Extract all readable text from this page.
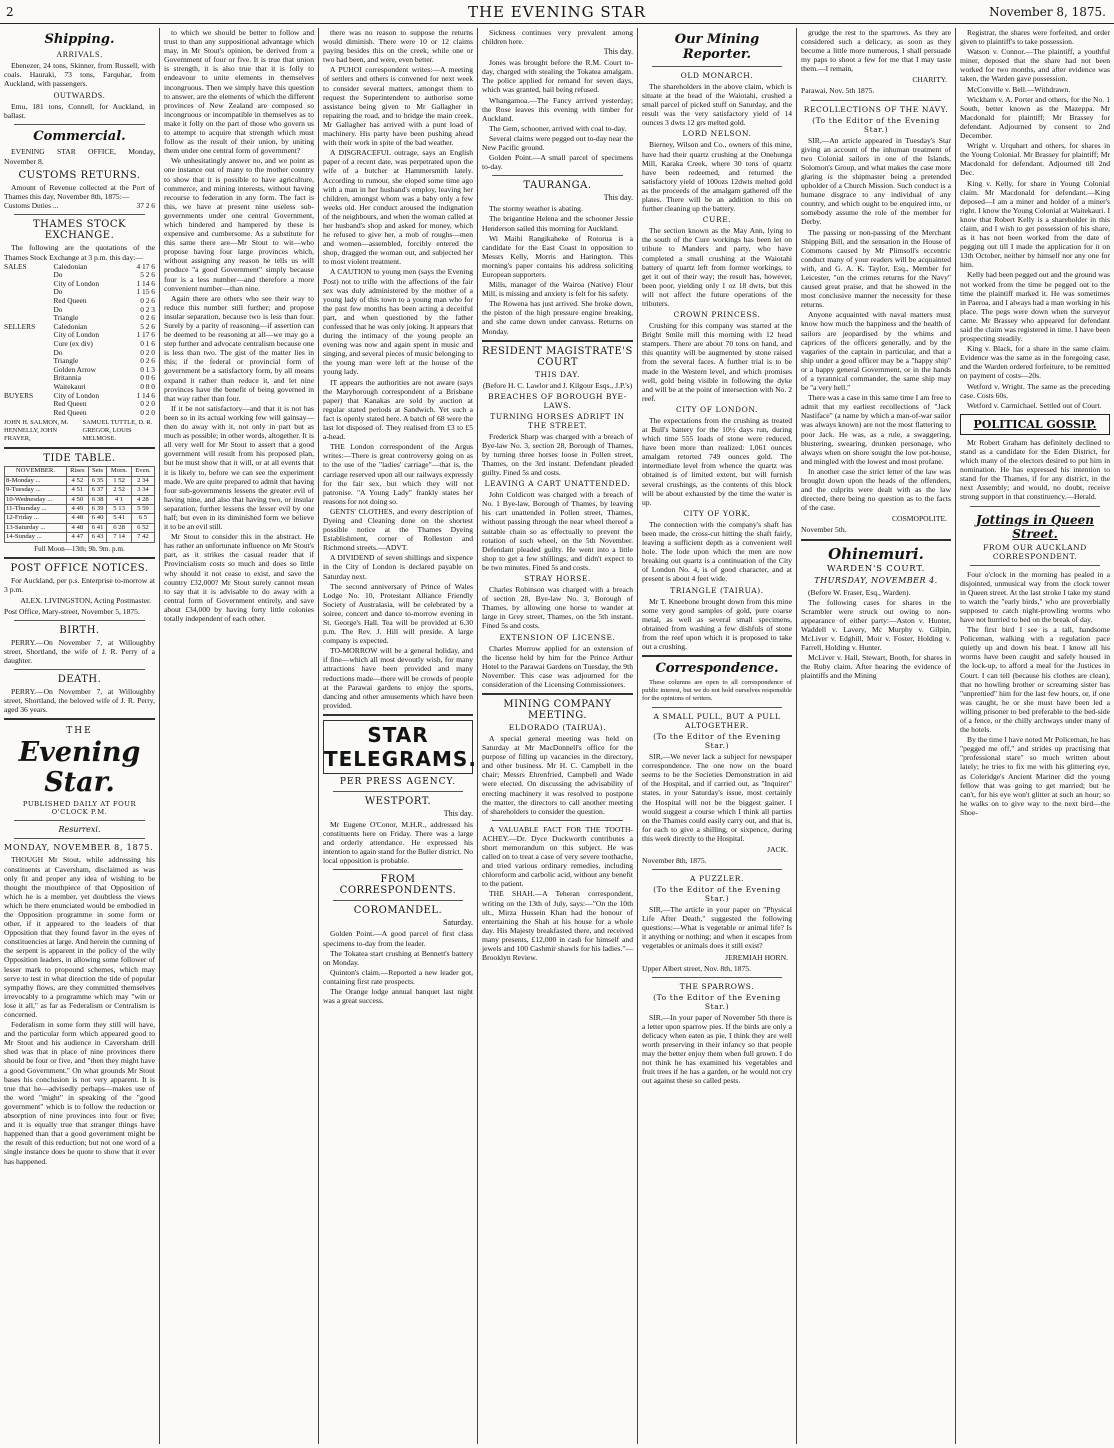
2	THE EVENING STAR	November 8, 1875.
Shipping.
ARRIVALS.

Ebenezer, 24 tons, Skinner, from Russell, with coals. Hauraki, 73 tons, Farquhar, from Auckland, with passengers.

OUTWARDS.

Emu, 181 tons, Connell, for Auckland, in ballast.

Commercial.

EVENING STAR OFFICE, Monday, November 8.

CUSTOMS RETURNS.

Amount of Revenue collected at the Port of Thames this day, November 8th, 1875:—

Customs Duties ...	37 2 6
THAMES STOCK EXCHANGE.

The following are the quotations of the Thames Stock Exchange at 3 p.m. this day:—

SALES	Caledonian	4 17 6
	Do	5 2 6
	City of London	1 14 6
	Do	1 15 6
	Red Queen	0 2 6
	Do	0 2 3
	Triangle	0 2 6
SELLERS	Caledonian	5 2 6
	City of London	1 17 6
	Cure (ex div)	0 1 6
	Do	0 2 0
	Triangle	0 2 6
	Golden Arrow	0 1 3
	Britannia	0 0 6
	Waitekauri	0 8 0
BUYERS	City of London	1 14 6
	Red Queen	0 2 0
	Red Queen	0 2 0
JOHN H. SALMON, M. HENNELLY, JOHN FRAYER,
SAMUEL TUTTLE, D. R. GREGOR, LOUIS MELMOSE.
TIDE TABLE.
NOVEMBER.	Rises	Sets	Morn.	Even.
8-Monday ...	4 52	6 35	1 52	2 34
9-Tuesday ...	4 51	6 37	2 52	3 34
10-Wednesday ...	4 50	6 38	4 1	4 28
11-Thursday ...	4 49	6 39	5 13	5 59
12-Friday ...	4 48	6 40	5 41	6 5
13-Saturday ...	4 48	6 41	6 28	6 52
14-Sunday ...	4 47	6 43	7 14	7 42
Full Moon—13th; 9h. 9m. p.m.
POST OFFICE NOTICES.

For Auckland, per p.s. Enterprise to-morrow at 3 p.m.

ALEX. LIVINGSTON, Acting Postmaster.

Post Office, Mary-street, November 5, 1875.

BIRTH.

PERRY.—On November 7, at Willoughby street, Shortland, the wife of J. R. Perry of a daughter.

DEATH.

PERRY.—On November 7, at Willoughby street, Shortland, the beloved wife of J. R. Perry, aged 36 years.

THE
Evening Star.
PUBLISHED DAILY AT FOUR O'CLOCK P.M.
Resurrexi.
MONDAY, NOVEMBER 8, 1875.

THOUGH Mr Stout, while addressing his constituents at Caversham, disclaimed as was only fit and proper any idea of wishing to be thought the mouthpiece of that Opposition of which he is a member, yet doubtless the views which he there enunciated would be embodied in the Opposition programme in some form or other, if it appeared to the leaders of that Opposition that they found favor in the eyes of constituencies at large. And herein the cunning of the serpent is apparent in the policy of the wily Opposition leaders, in allowing some follower of lesser mark to propound schemes, which may serve to test in what direction the tide of popular sympathy flows, are they committed themselves irrevocably to a programme which may "win or lose it all," as far as Federalism or Centralism is concerned.

Federalism in some form they still will have, and the particular form which appeared good to Mr Stout and his audience in Caversham drill shed was that in place of nine provinces there should be four or five, and "then they might have a good Government." On what grounds Mr Stout bases his conclusion is not very apparent. It is true that he—advisedly perhaps—makes use of the word "might" in speaking of the "good government" which is to follow the reduction or absorption of nine provinces into four or five; and it is equally true that stranger things have happened than that a good government might be the result of this reduction; but not one word of a single instance does he quote to show that it ever has happened.

to which we should be better to follow and trust to than any suppositional advantage which may, in Mr Stout's opinion, be derived from a Government of four or five. It is true that union is strength, it is also true that it is folly to endeavour to unite elements in themselves incongruous. Then we simply have this question to answer, are the elements of which the different provinces of New Zealand are composed so incongruous or incompatible in themselves as to make it folly on the part of those who govern us to attempt to acquire that strength which must follow as the result of their union, by uniting them under one central form of government?

We unhesitatingly answer no, and we point as one instance out of many to the mother country to show that it is possible to have agriculture, commerce, and mining interests, without having recourse to federation in any form. The fact is this, we have at present nine useless sub-governments under one central Government, which hindered and hampered by these is expensive and cumbersome. As a substitute for this same there are—Mr Stout to wit—who propose having four large provinces which, without assigning any reason he tells us will produce "a good Government" simply because four is a less number—and therefore a more convenient number—than nine.

Again there are others who see their way to reduce this number still further; and propose insular separation, because two is less than four. Surely by a parity of reasoning—if assertion can be deemed to be reasoning at all—we may go a step further and advocate centralism because one is less than two. The gist of the matter lies in this; if the federal or provincial form of government be a satisfactory form, by all means expand it rather than reduce it, and let nine provinces have the benefit of being governed in that way rather than four.

If it be not satisfactory—and that it is not has been so in its actual working few will gainsay—then do away with it, not only in part but as much as possible; in other words, altogether. It is all very well for Mr Stout to assert that a good government will result from his proposed plan, but he must show that it will, or at all events that it is likely to, before we can see the experiment made. We are quite prepared to admit that having four sub-governments lessens the greater evil of having nine, and also that having two, or insular separation, further lessens the lesser evil by one half; but even in its diminished form we believe it to be an evil still.

Mr Stout to consider this in the abstract. He has rather an unfortunate influence on Mr Stout's part, as it strikes the casual reader that if Provincialism costs so much and does so little why should it not cease to exist, and save the country £32,000? Mr Stout surely cannot mean to say that it is advisable to do away with a central form of Government entirely, and save about £34,000 by having forty little colonies totally independent of each other.

there was no reason to suppose the returns would diminish. There were 10 or 12 claims paying besides this on the creek, while one or two had been, and were, even better.

A PUHOI correspondent writes:—A meeting of settlers and others is convened for next week to consider several matters, amongst them to request the Superintendent to authorise some assistance being given to Mr Gallagher in repairing the road, and to bridge the main creek. Mr Gallagher has arrived with a punt load of machinery. His party have been pushing ahead with their work in spite of the bad weather.

A DISGRACEFUL outrage, says an English paper of a recent date, was perpetrated upon the wife of a butcher at Hammersmith lately. According to rumour, she eloped some time ago with a man in her husband's employ, leaving her children, amongst whom was a baby only a few weeks old. Her conduct aroused the indignation of the neighbours, and when the woman called at her husband's shop and asked for money, which he refused to give her, a mob of roughs—men and women—assembled, forcibly entered the shop, dragged the woman out, and subjected her to most violent treatment.

A CAUTION to young men (says the Evening Post) not to trifle with the affections of the fair sex was duly administered by the mother of a young lady of this town to a young man who for the past few months has been acting a deceitful part, and when questioned by the father confessed that he was only joking. It appears that during the intimacy of the young people an evening was now and again spent in music and singing, and several pieces of music belonging to the young man were left at the house of the young lady.

IT appears the authorities are not aware (says the Maryborough correspondent of a Brisbane paper) that Kanakas are sold by auction at regular stated periods at Sandwich. Yet such a fact is openly stated here. A batch of 68 were the last lot disposed of. They realised from £3 to £5 a-head.

THE London correspondent of the Argus writes:—There is great controversy going on as to the use of the "ladies' carriage"—that is, the carriage reserved upon all our railways expressly for the fair sex, but which they will not patronise. "A Young Lady" frankly states her reasons for not doing so.

GENTS' CLOTHES, and every description of Dyeing and Cleaning done on the shortest possible notice at the Thames Dyeing Establishment, corner of Rolleston and Richmond streets.—ADVT.

A DIVIDEND of seven shillings and sixpence in the City of London is declared payable on Saturday next.

The second anniversary of Prince of Wales Lodge No. 10, Protestant Alliance Friendly Society of Australasia, will be celebrated by a soiree, concert and dance to-morrow evening in St. George's Hall. Tea will be provided at 6.30 p.m. The Rev. J. Hill will preside. A large company is expected.

TO-MORROW will be a general holiday, and if fine—which all most devoutly wish, for many attractions have been provided and many reductions made—there will be crowds of people at the Parawai gardens to enjoy the sports, dancing and other amusements which have been provided.

STAR TELEGRAMS.
PER PRESS AGENCY.
WESTPORT.
This day.

Mr Eugene O'Conor, M.H.R., addressed his constituents here on Friday. There was a large and orderly attendance. He expressed his intention to again stand for the Buller district. No local opposition is probable.

FROM CORRESPONDENTS.
COROMANDEL.
Saturday.

Golden Point.—A good parcel of first class specimens to-day from the leader.

The Tokatea start crushing at Bennett's battery on Monday.

Quinton's claim.—Reported a new leader got, containing first rate prospects.

The Orange lodge annual banquet last night was a great success.

Sickness continues very prevalent among children here.

This day.

Jones was brought before the R.M. Court to-day, charged with stealing the Tokatea amalgam. The police applied for remand for seven days, which was granted, bail being refused.

Whangamoa.—The Fancy arrived yesterday; the Rose leaves this evening with timber for Auckland.

The Gem, schooner, arrived with coal to-day.

Several claims were pegged out to-day near the New Pacific ground.

Golden Point.—A small parcel of specimens to-day.

TAURANGA.
This day.

The stormy weather is abating.

The brigantine Helena and the schooner Jessie Henderson sailed this morning for Auckland.

Wi Maihi Rangikaheke of Rotorua is a candidate for the East Coast in opposition to Messrs Kelly, Morris and Harington. This morning's paper contains his address soliciting European supporters.

Mills, manager of the Wairoa (Native) Flour Mill, is missing and anxiety is felt for his safety.

The Rowena has just arrived. She broke down, the piston of the high pressure engine breaking, and she came down under canvass. Returns on Monday.

RESIDENT MAGISTRATE'S COURT
THIS DAY.

(Before H. C. Lawlor and J. Kilgour Esqs., J.P.'s)

BREACHES OF BOROUGH BYE-LAWS.
TURNING HORSES ADRIFT IN THE STREET.

Frederick Sharp was charged with a breach of Bye-law No. 3, section 28, Borough of Thames, by turning three horses loose in Pollen street, Thames, on the 3rd instant. Defendant pleaded guilty. Fined 5s and costs.

LEAVING A CART UNATTENDED.

John Coldicott was charged with a breach of No. 1 Bye-law, Borough of Thames, by leaving his cart unattended in Pollen street, Thames, without passing through the near wheel thereof a suitable chain so as effectually to prevent the rotation of such wheel, on the 5th November. Defendant pleaded guilty. He went into a little shop to get a few shillings, and didn't expect to be two minutes. Fined 5s and costs.

STRAY HORSE.

Charles Robinson was charged with a breach of section 28, Bye-law No. 3, Borough of Thames, by allowing one horse to wander at large in Grey street, Thames, on the 5th instant. Fined 5s and costs.

EXTENSION OF LICENSE.

Charles Morrow applied for an extension of the license held by him for the Prince Arthur Hotel to the Parawai Gardens on Tuesday, the 9th November. This case was adjourned for the consideration of the Licensing Commissioners.

MINING COMPANY MEETING.
ELDORADO (TAIRUA).

A special general meeting was held on Saturday at Mr MacDonnell's office for the purpose of filling up vacancies in the directory, and other business. Mr H. C. Campbell in the chair; Messrs Ehrenfried, Campbell and Wade were elected. On discussing the advisability of erecting machinery it was resolved to postpone the matter, the directors to call another meeting of shareholders to consider the question.

A VALUABLE FACT FOR THE TOOTH-ACHEY.—Dr. Dyce Duckworth contributes a short memorandum on this subject. He was called on to treat a case of very severe toothache, and tried various ordinary remedies, including chloroform and carbolic acid, without any benefit to the patient.

THE SHAH.—A Teheran correspondent, writing on the 13th of July, says:—"On the 10th ult., Mirza Hussein Khan had the honour of entertaining the Shah at his house for a whole day. His Majesty breakfasted there, and received many presents, £12,000 in cash for himself and jewels and 100 Cashmir shawls for his ladies."—Brooklyn Review.

Our Mining Reporter.
OLD MONARCH.

The shareholders in the above claim, which is situate at the head of the Waiotahi, crushed a small parcel of picked stuff on Saturday, and the result was the very satisfactory yield of 14 ounces 3 dwts 12 grs melted gold.

LORD NELSON.

Bierney, Wilson and Co., owners of this mine, have had their quartz crushing at the Onehunga Mill, Karaka Creek, where 30 tons of quartz have been redeemed, and returned the satisfactory yield of 100ozs 12dwts melted gold as the proceeds of the amalgam gathered off the plates. There will be an addition to this on further cleaning up the battery.

CURE.

The section known as the May Ann, lying to the south of the Cure workings has been let on tribute to Manders and party, who have completed a small crushing at the Waiotahi battery of quartz left from former workings, to get it out of their way; the result has, however, been poor, yielding only 1 oz 18 dwts, but this will not affect the future operations of the tributers.

CROWN PRINCESS.

Crushing for this company was started at the Bright Smile mill this morning with 12 head stampers. There are about 70 tons on hand, and this quantity will be augmented by stone raised from the several faces. A further trial is to be made in the Western level, and which promises well, gold being visible in following the dyke and will be at the point of intersection with No. 2 reef.

CITY OF LONDON.

The expectations from the crushing as treated at Bull's battery for the 10½ days run, during which time 555 loads of stone were reduced, have been more than realized: 1,061 ounces amalgam retorted 749 ounces gold. The intermediate level from whence the quartz was obtained is of limited extent, but will furnish several crushings, as the contents of this block will be about exhausted by the time the water is up.

CITY OF YORK.

The connection with the company's shaft has been made, the cross-cut hitting the shaft fairly, leaving a sufficient depth as a convenient well hole. The lode upon which the men are now breaking out quartz is a continuation of the City of London No. 4, is of good character, and at present is about 4 feet wide.

TRIANGLE (TAIRUA).

Mr T. Kneebone brought down from this mine some very good samples of gold, pure coarse metal, as well as several small specimens, obtained from washing a few dishfuls of stone from the reef upon which it is proposed to take out a crushing.

Correspondence.

These columns are open to all correspondence of public interest, but we do not hold ourselves responsible for the opinions of writers.

A SMALL PULL, BUT A PULL ALTOGETHER.
(To the Editor of the Evening Star.)

SIR,—We never lack a subject for newspaper correspondence. The one now on the board seems to be the Societies Demonstration in aid of the Hospital, and if carried out, as "Inquirer" states, in your Saturday's issue, most certainly the Hospital will not be the biggest gainer. I would suggest a course which I think all parties on the Thames could easily carry out, and that is, for each to give a shilling, or sixpence, during this week directly to the Hospital.

JACK.

November 8th, 1875.

A PUZZLER.
(To the Editor of the Evening Star.)

SIR,—The article in your paper on "Physical Life After Death," suggested the following questions:—What is vegetable or animal life? Is it anything or nothing; and when it escapes from vegetables or animals does it still exist?

JEREMIAH HORN.

Upper Albert street, Nov. 8th, 1875.

THE SPARROWS.
(To the Editor of the Evening Star.)

SIR,—In your paper of November 5th there is a letter upon sparrow pies. If the birds are only a delicacy when eaten as pie, I think they are well worth preserving in their infancy so that people may the better enjoy them when full grown. I do not think he has examined his vegetables and fruit trees if he has a garden, or he would not cry out against these so called pests.

grudge the rest to the sparrows. As they are considered such a delicacy, as soon as they become a little more numerous, I shall persuade my paps to shoot a few for me that I may taste them.—I remain,

CHARITY.

Parawai, Nov. 5th 1875.

RECOLLECTIONS OF THE NAVY.
(To the Editor of the Evening Star.)

SIR,—An article appeared in Tuesday's Star giving an account of the inhuman treatment of two Colonial sailors in one of the Islands, Solomon's Group, and what makes the case more glaring is the shipmaster being a pretended upholder of a Church Mission. Such conduct is a humane disgrace to any individual of any country, and which ought to be enquired into, or somebody assume the role of the member for Derby.

The passing or non-passing of the Merchant Shipping Bill, and the sensation in the House of Commons caused by Mr Plimsoll's eccentric conduct many of your readers will be acquainted with, and G. A. K. Taylor, Esq., Member for Leicester, "on the crimes returns for the Navy" caused great praise, and that he showed in the most conclusive manner the necessity for these returns.

Anyone acquainted with naval matters must know how much the happiness and the health of sailors are jeopardised by the whims and caprices of the officers generally, and by the vagaries of the captain in particular, and that a ship under a good officer may be a "happy ship" or a happy general Government, or in the hands of a tyrannical commander, the same ship may be "a very hell."

There was a case in this same time I am free to admit that my earliest recollections of "Jack Nastiface" (a name by which a man-of-war sailor was always known) are not the most flattering to poor Jack. He was, as a rule, a swaggering, blustering, swearing, drunken personage, who always when on shore sought the low pot-house, and mingled with the lowest and most profane.

In another case the strict letter of the law was brought down upon the heads of the offenders, and the culprits were dealt with as the law directed, there being no question as to the facts of the case.

COSMOPOLITE.

November 5th.

Ohinemuri.
WARDEN'S COURT.
THURSDAY, NOVEMBER 4.

(Before W. Fraser, Esq., Warden).

The following cases for shares in the Scrambler were struck out owing to non-appearance of either party:—Aston v. Hunter, Waddell v. Lavery, Mc Murphy v. Gilpin, McLiver v. Edghill, Moir v. Foster, Holding v. Farrell, Holding v. Hunter.

McLiver v. Hall, Stewart, Booth, for shares in the Ruby claim. After hearing the evidence of plaintiffs and the Mining

Registrar, the shares were forfeited, and order given to plaintiff's to take possession.

Watson v. Connor.—The plaintiff, a youthful miner, deposed that the share had not been worked for two months, and after evidence was taken, the Warden gave possession.

McConville v. Bell.—Withdrawn.

Wickham v. A. Porter and others, for the No. 1 South, better known as the Mazeppa. Mr Macdonald for plaintiff; Mr Brassey for defendant. Adjourned by consent to 2nd December.

Wright v. Urquhart and others, for shares in the Young Colonial. Mr Brassey for plaintiff; Mr Macdonald for defendant. Adjourned till 2nd Dec.

King v. Kelly, for share in Young Colonial claim. Mr Macdonald for defendant.—King deposed—I am a miner and holder of a miner's right. I know the Young Colonial at Waitekauri. I know that Robert Kelly is a shareholder in this claim, and I wish to get possession of his share, as it has not been worked from the date of pegging out till I made the application for it on 13th October, neither by himself nor any one for him.

Kelly had been pegged out and the ground was not worked from the time he pegged out to the time the plaintiff marked it. He was sometimes in Paeroa, and I always had a man working in his place. The pegs were down when the surveyor came. Mr Brassey who appeared for defendant said the claim was registered in time. I have been prospecting steadily.

King v. Black, for a share in the same claim. Evidence was the same as in the foregoing case, and the Warden ordered forfeiture, to be remitted on payment of costs—20s.

Wetford v. Wright. The same as the preceding case. Costs 60s.

Wetford v. Carmichael. Settled out of Court.

POLITICAL GOSSIP.

Mr Robert Graham has definitely declined to stand as a candidate for the Eden District, for which many of the electors desired to put him in nomination. He has expressed his intention to stand for the Thames, if for any district, in the next Assembly; and would, no doubt, receive strong support in that constituency.—Herald.

Jottings in Queen Street.
FROM OUR AUCKLAND CORRESPONDENT.

Four o'clock in the morning has pealed in a disjointed, unmusical way from the clock tower in Queen street. At the last stroke I take my stand to watch the "early birds," who are proverbially supposed to catch night-prowling worms who have not hurried to bed on the break of day.

The first bird I see is a tall, handsome Policeman, walking with a regulation pace quietly up and down his beat. I know all his worms have been caught and safely housed in the lock-up, to afford a meal for the Justices in Court. I can tell (because his clothes are clean), that no howling brother or screaming sister has "unprettied" him for the last few hours, or, if one was caught, he or she must have been led a willing prisoner to bed preferable to the bed-side of a fence, or the chilly archways under many of the hotels.

By the time I have noted Mr Policeman, he has "pegged me off," and strides up practising that "professional stare" so much written about lately; he tries to fix me with his glittering eye, as Coleridge's Ancient Mariner did the young fellow that was going to get married; but he can't, for his eye won't glitter at such an hour; so he walks on to give way to the next bird—the Shoe-
